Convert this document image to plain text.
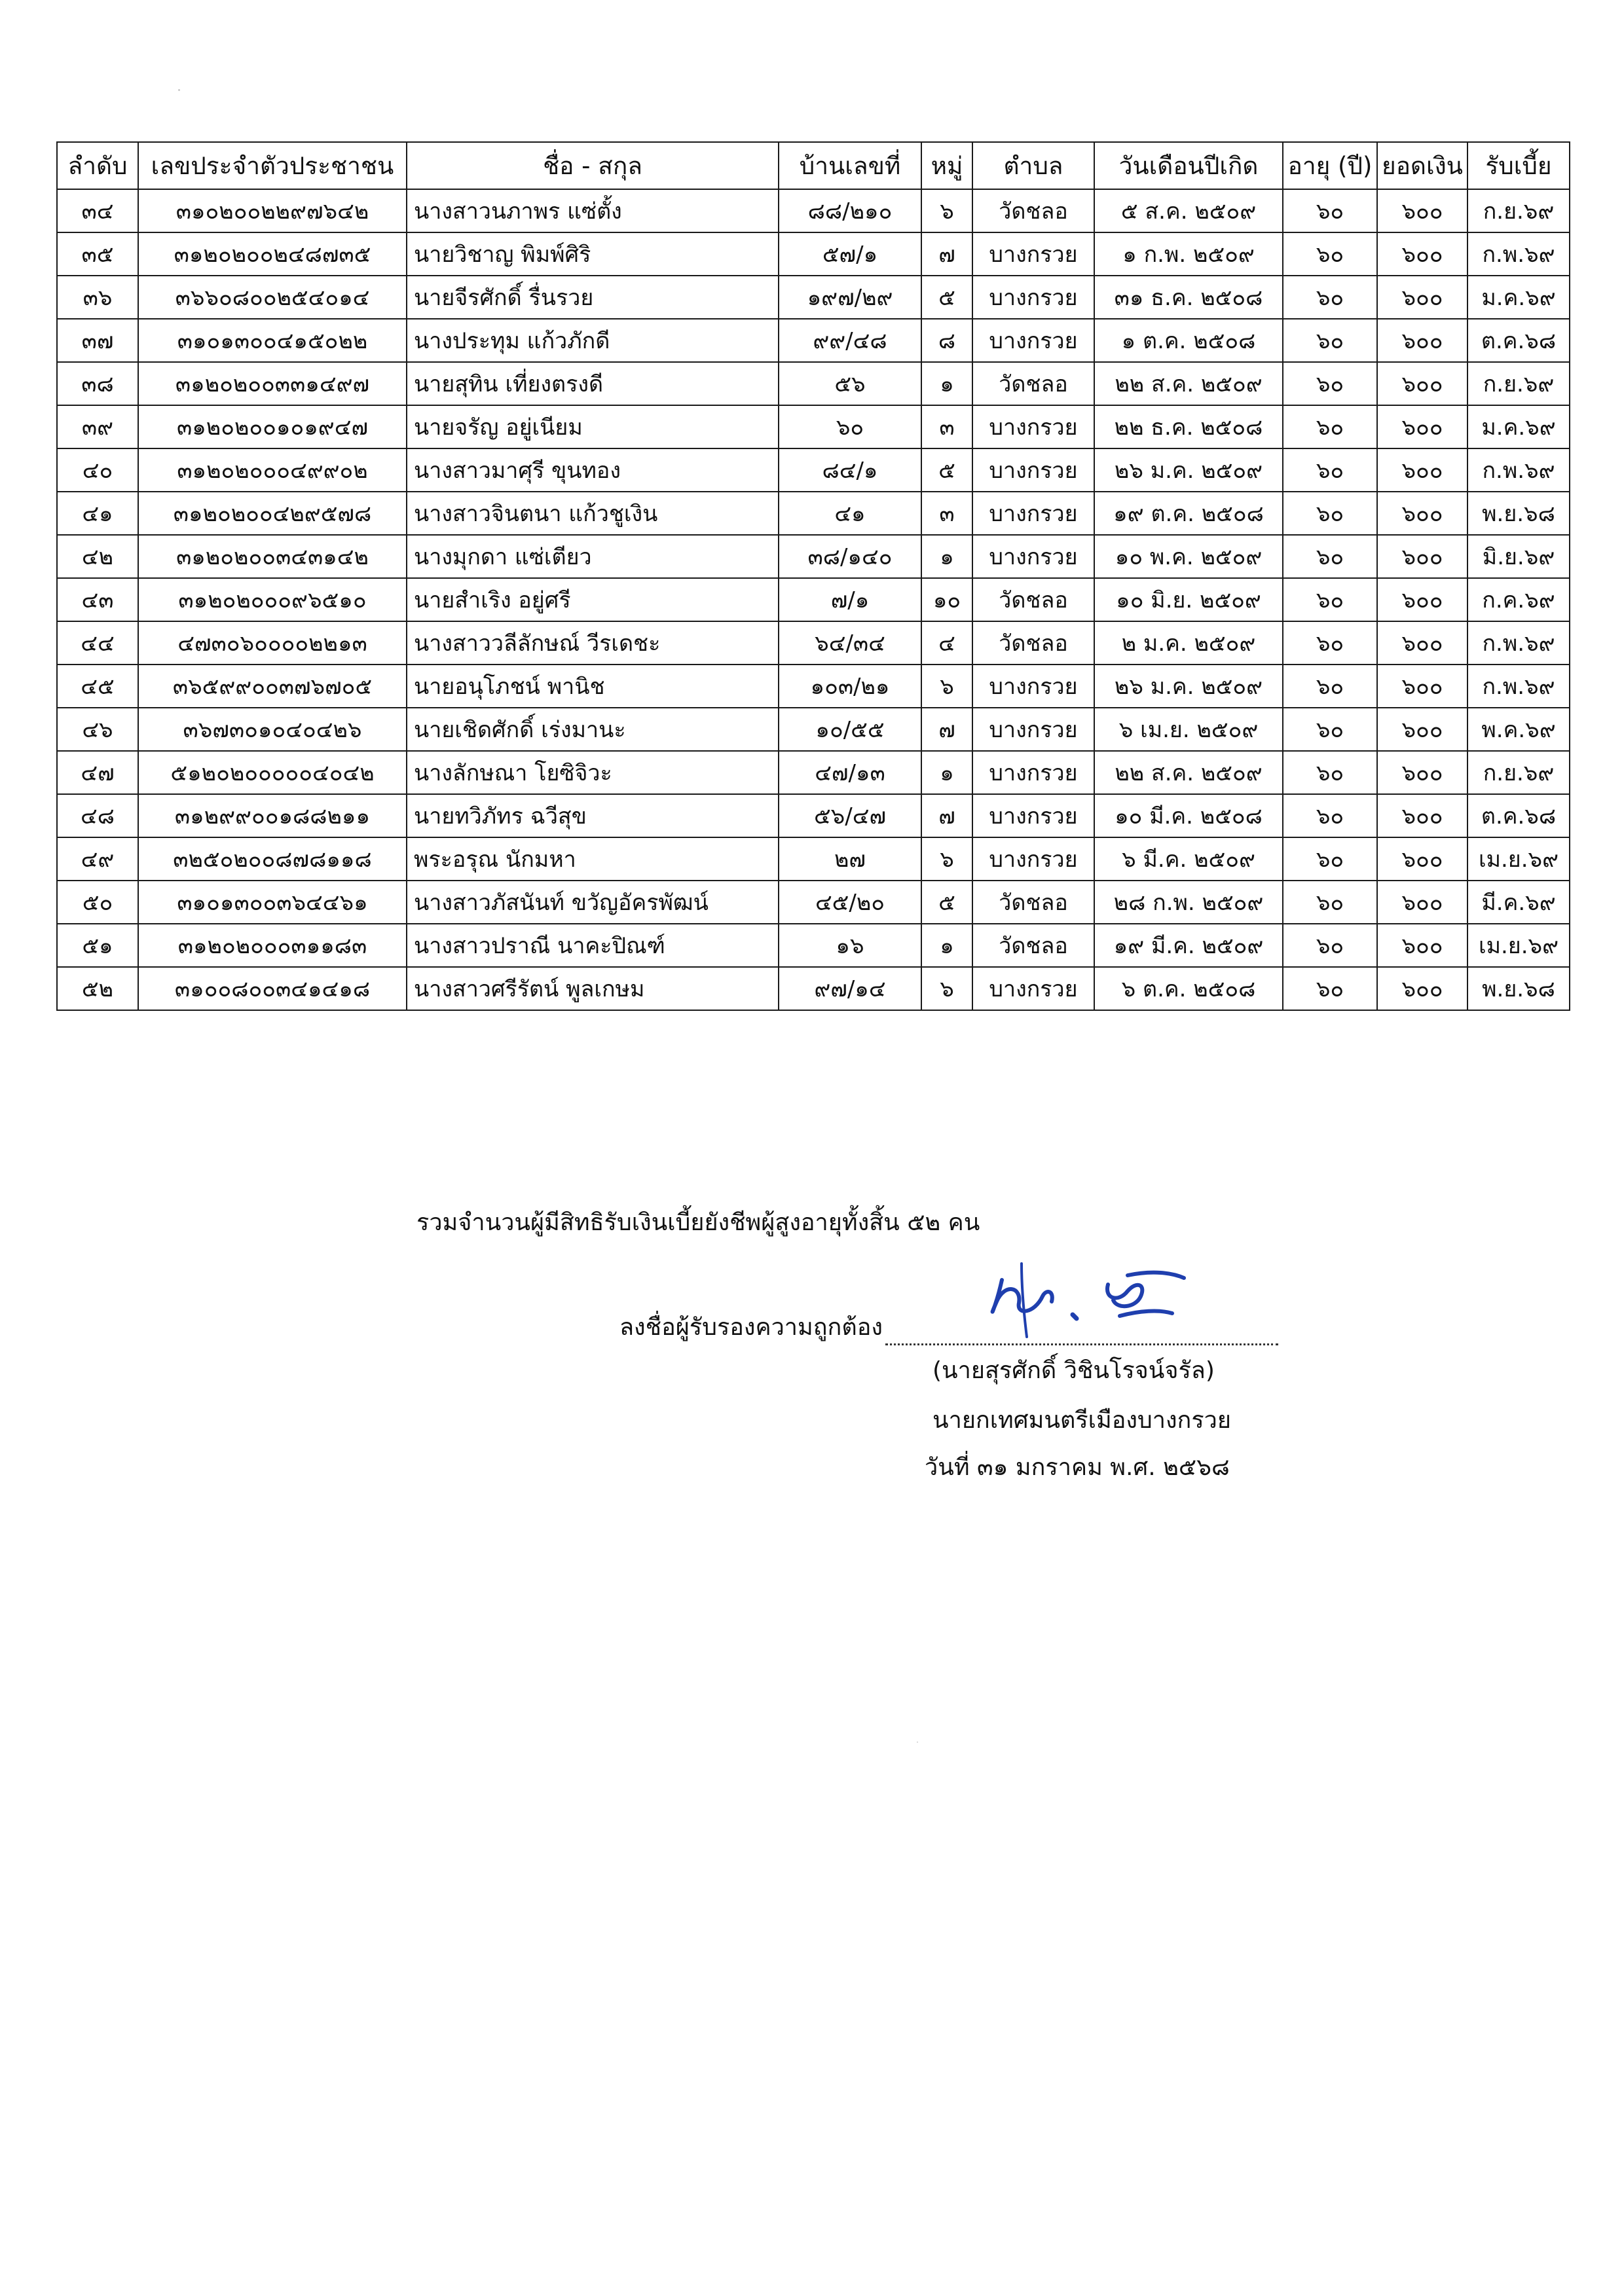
ลำดับ	เลขประจำตัวประชาชน	ชื่อ - สกุล	บ้านเลขที่	หมู่	ตำบล	วันเดือนปีเกิด	อายุ (ปี)	ยอดเงิน	รับเบี้ย
๓๔	๓๑๐๒๐๐๒๒๙๗๖๔๒	นางสาวนภาพร แซ่ตั้ง	๘๘/๒๑๐	๖	วัดชลอ	๕ ส.ค. ๒๕๐๙	๖๐	๖๐๐	ก.ย.๖๙
๓๕	๓๑๒๐๒๐๐๒๔๘๗๓๕	นายวิชาญ พิมพ์ศิริ	๕๗/๑	๗	บางกรวย	๑ ก.พ. ๒๕๐๙	๖๐	๖๐๐	ก.พ.๖๙
๓๖	๓๖๖๐๘๐๐๒๕๔๐๑๔	นายจีรศักดิ์ รื่นรวย	๑๙๗/๒๙	๕	บางกรวย	๓๑ ธ.ค. ๒๕๐๘	๖๐	๖๐๐	ม.ค.๖๙
๓๗	๓๑๐๑๓๐๐๔๑๕๐๒๒	นางประทุม แก้วภักดี	๙๙/๔๘	๘	บางกรวย	๑ ต.ค. ๒๕๐๘	๖๐	๖๐๐	ต.ค.๖๘
๓๘	๓๑๒๐๒๐๐๓๓๑๔๙๗	นายสุทิน เที่ยงตรงดี	๕๖	๑	วัดชลอ	๒๒ ส.ค. ๒๕๐๙	๖๐	๖๐๐	ก.ย.๖๙
๓๙	๓๑๒๐๒๐๐๑๐๑๙๔๗	นายจรัญ อยู่เนียม	๖๐	๓	บางกรวย	๒๒ ธ.ค. ๒๕๐๘	๖๐	๖๐๐	ม.ค.๖๙
๔๐	๓๑๒๐๒๐๐๐๔๙๙๐๒	นางสาวมาศุรี ขุนทอง	๘๔/๑	๕	บางกรวย	๒๖ ม.ค. ๒๕๐๙	๖๐	๖๐๐	ก.พ.๖๙
๔๑	๓๑๒๐๒๐๐๔๒๙๕๗๘	นางสาวจินตนา แก้วชูเงิน	๔๑	๓	บางกรวย	๑๙ ต.ค. ๒๕๐๘	๖๐	๖๐๐	พ.ย.๖๘
๔๒	๓๑๒๐๒๐๐๓๔๓๑๔๒	นางมุกดา แซ่เตียว	๓๘/๑๔๐	๑	บางกรวย	๑๐ พ.ค. ๒๕๐๙	๖๐	๖๐๐	มิ.ย.๖๙
๔๓	๓๑๒๐๒๐๐๐๙๖๕๑๐	นายสำเริง อยู่ศรี	๗/๑	๑๐	วัดชลอ	๑๐ มิ.ย. ๒๕๐๙	๖๐	๖๐๐	ก.ค.๖๙
๔๔	๔๗๓๐๖๐๐๐๐๒๒๑๓	นางสาววลีลักษณ์ วีรเดชะ	๖๔/๓๔	๔	วัดชลอ	๒ ม.ค. ๒๕๐๙	๖๐	๖๐๐	ก.พ.๖๙
๔๕	๓๖๕๙๙๐๐๓๗๖๗๐๕	นายอนุโภชน์ พานิช	๑๐๓/๒๑	๖	บางกรวย	๒๖ ม.ค. ๒๕๐๙	๖๐	๖๐๐	ก.พ.๖๙
๔๖	๓๖๗๓๐๑๐๔๐๔๒๖	นายเชิดศักดิ์ เร่งมานะ	๑๐/๕๕	๗	บางกรวย	๖ เม.ย. ๒๕๐๙	๖๐	๖๐๐	พ.ค.๖๙
๔๗	๕๑๒๐๒๐๐๐๐๐๔๐๔๒	นางลักษณา โยซิจิวะ	๔๗/๑๓	๑	บางกรวย	๒๒ ส.ค. ๒๕๐๙	๖๐	๖๐๐	ก.ย.๖๙
๔๘	๓๑๒๙๙๐๐๑๘๘๒๑๑	นายทวิภัทร ฉวีสุข	๕๖/๔๗	๗	บางกรวย	๑๐ มี.ค. ๒๕๐๘	๖๐	๖๐๐	ต.ค.๖๘
๔๙	๓๒๕๐๒๐๐๘๗๘๑๑๘	พระอรุณ นักมหา	๒๗	๖	บางกรวย	๖ มี.ค. ๒๕๐๙	๖๐	๖๐๐	เม.ย.๖๙
๕๐	๓๑๐๑๓๐๐๓๖๔๔๖๑	นางสาวภัสนันท์ ขวัญอัครพัฒน์	๔๕/๒๐	๕	วัดชลอ	๒๘ ก.พ. ๒๕๐๙	๖๐	๖๐๐	มี.ค.๖๙
๕๑	๓๑๒๐๒๐๐๐๓๑๑๘๓	นางสาวปราณี นาคะปิณฑ์	๑๖	๑	วัดชลอ	๑๙ มี.ค. ๒๕๐๙	๖๐	๖๐๐	เม.ย.๖๙
๕๒	๓๑๐๐๘๐๐๓๔๑๔๑๘	นางสาวศรีรัตน์ พูลเกษม	๙๗/๑๔	๖	บางกรวย	๖ ต.ค. ๒๕๐๘	๖๐	๖๐๐	พ.ย.๖๘
รวมจำนวนผู้มีสิทธิรับเงินเบี้ยยังชีพผู้สูงอายุทั้งสิ้น ๕๒ คน
ลงชื่อผู้รับรองความถูกต้อง
(นายสุรศักดิ์ วิชินโรจน์จรัล)
นายกเทศมนตรีเมืองบางกรวย
วันที่ ๓๑ มกราคม พ.ศ. ๒๕๖๘
